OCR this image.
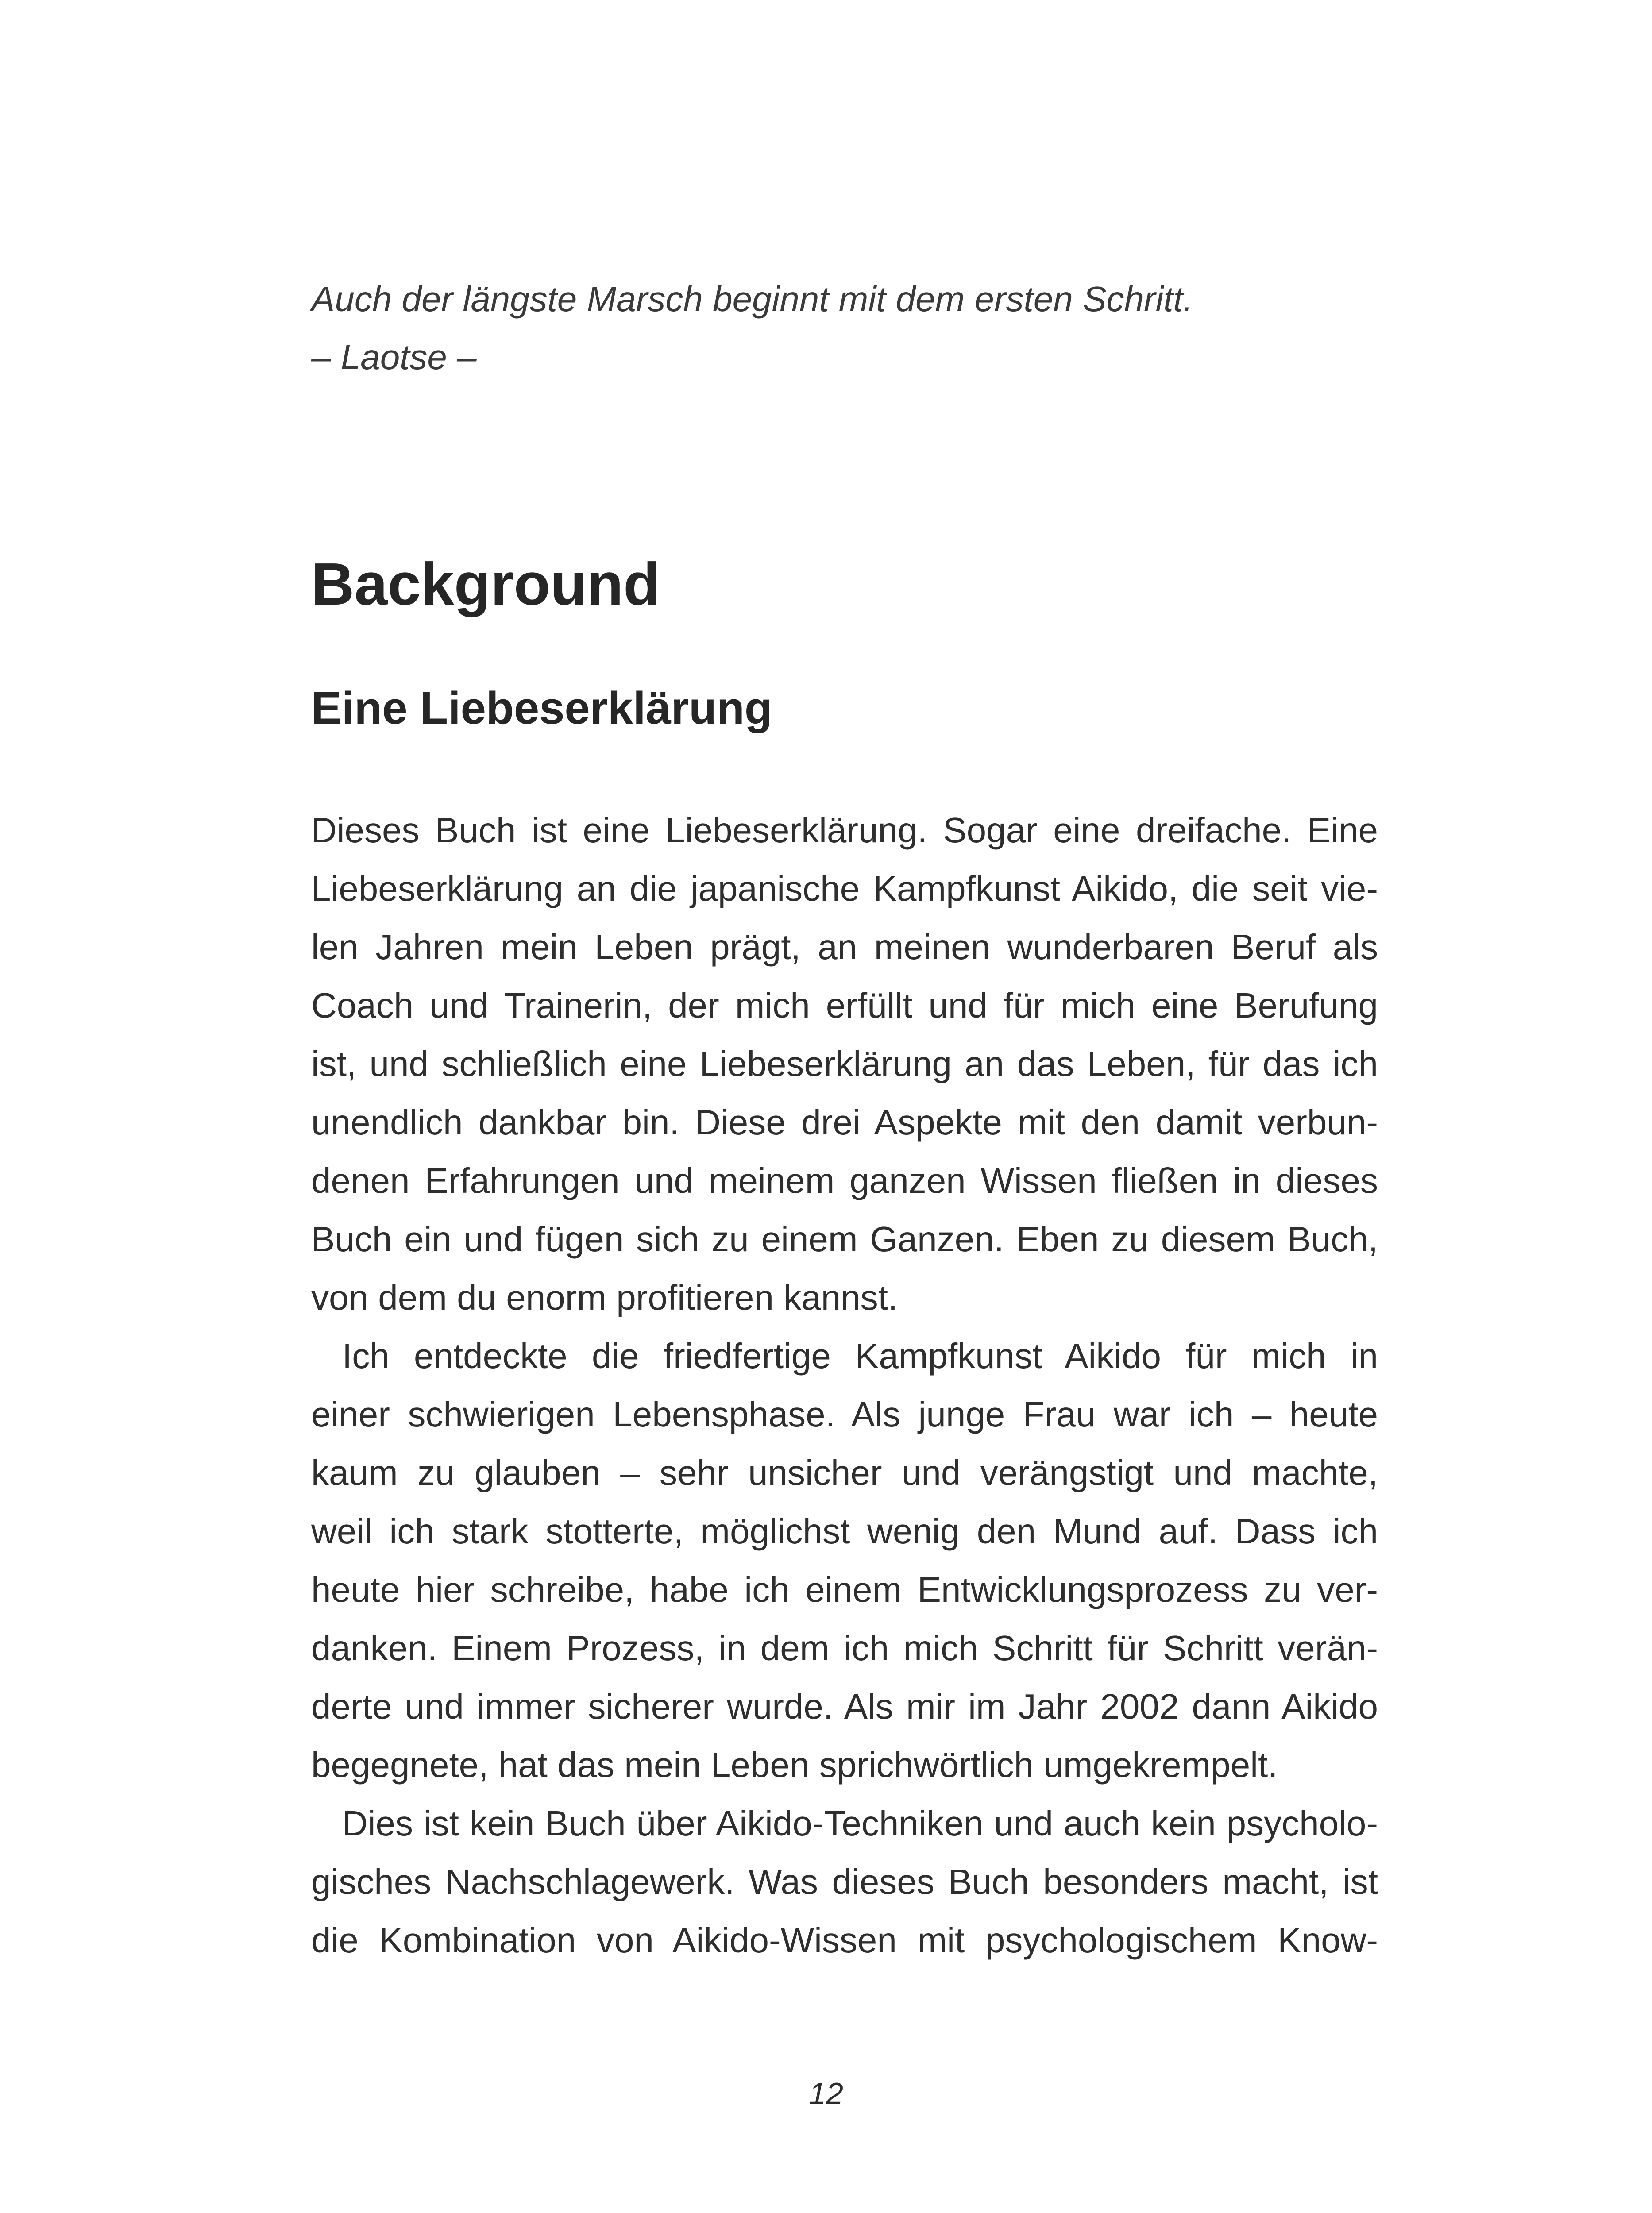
Auch der längste Marsch beginnt mit dem ersten Schritt.

– Laotse –

Background
Eine Liebeserklärung

Dieses Buch ist eine Liebeserklärung. Sogar eine dreifache. Eine
Liebeserklärung an die japanische Kampfkunst Aikido, die seit vie-
len Jahren mein Leben prägt, an meinen wunderbaren Beruf als
Coach und Trainerin, der mich erfüllt und für mich eine Berufung
ist, und schließlich eine Liebeserklärung an das Leben, für das ich
unendlich dankbar bin. Diese drei Aspekte mit den damit verbun-
denen Erfahrungen und meinem ganzen Wissen fließen in dieses
Buch ein und fügen sich zu einem Ganzen. Eben zu diesem Buch,
von dem du enorm profitieren kannst.

Ich entdeckte die friedfertige Kampfkunst Aikido für mich in
einer schwierigen Lebensphase. Als junge Frau war ich – heute
kaum zu glauben – sehr unsicher und verängstigt und machte,
weil ich stark stotterte, möglichst wenig den Mund auf. Dass ich
heute hier schreibe, habe ich einem Entwicklungsprozess zu ver-
danken. Einem Prozess, in dem ich mich Schritt für Schritt verän-
derte und immer sicherer wurde. Als mir im Jahr 2002 dann Aikido
begegnete, hat das mein Leben sprichwörtlich umgekrempelt.

Dies ist kein Buch über Aikido-Techniken und auch kein psycholo-
gisches Nachschlagewerk. Was dieses Buch besonders macht, ist
die Kombination von Aikido-Wissen mit psychologischem Know-

12
